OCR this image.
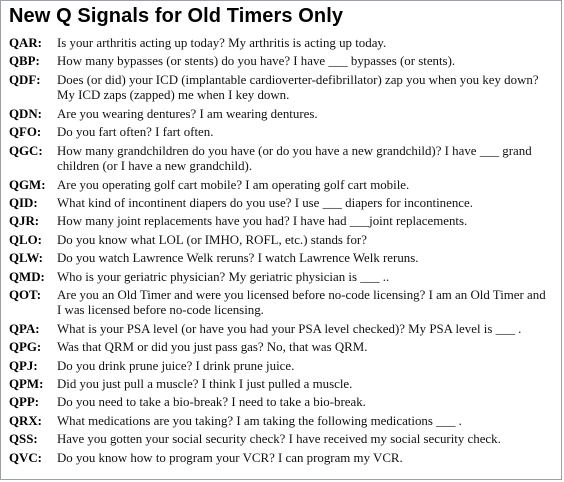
New Q Signals for Old Timers Only
QAR:	Is your arthritis acting up today? My arthritis is acting up today.
QBP:	How many bypasses (or stents) do you have? I have ___ bypasses (or stents).
QDF:	Does (or did) your ICD (implantable cardioverter-defibrillator) zap you when you key down? My ICD zaps (zapped) me when I key down.
QDN:	Are you wearing dentures? I am wearing dentures.
QFO:	Do you fart often? I fart often.
QGC:	How many grandchildren do you have (or do you have a new grandchild)? I have ___ grand children (or I have a new grandchild).
QGM: Are you operating golf cart mobile? I am operating golf cart mobile.
QID:	What kind of incontinent diapers do you use? I use ___ diapers for incontinence.
QJR:	How many joint replacements have you had? I have had ___joint replacements.
QLO:	Do you know what LOL (or IMHO, ROFL, etc.) stands for?
QLW:	Do you watch Lawrence Welk reruns? I watch Lawrence Welk reruns.
QMD: Who is your geriatric physician? My geriatric physician is ___ ..
QOT:	Are you an Old Timer and were you licensed before no-code licensing? I am an Old Timer and I was licensed before no-code licensing.
QPA:	What is your PSA level (or have you had your PSA level checked)? My PSA level is ___ .
QPG:	Was that QRM or did you just pass gas? No, that was QRM.
QPJ:	Do you drink prune juice? I drink prune juice.
QPM:	Did you just pull a muscle? I think I just pulled a muscle.
QPP:	Do you need to take a bio-break? I need to take a bio-break.
QRX:	What medications are you taking? I am taking the following medications ___ .
QSS:	Have you gotten your social security check? I have received my social security check.
QVC:	Do you know how to program your VCR? I can program my VCR.
